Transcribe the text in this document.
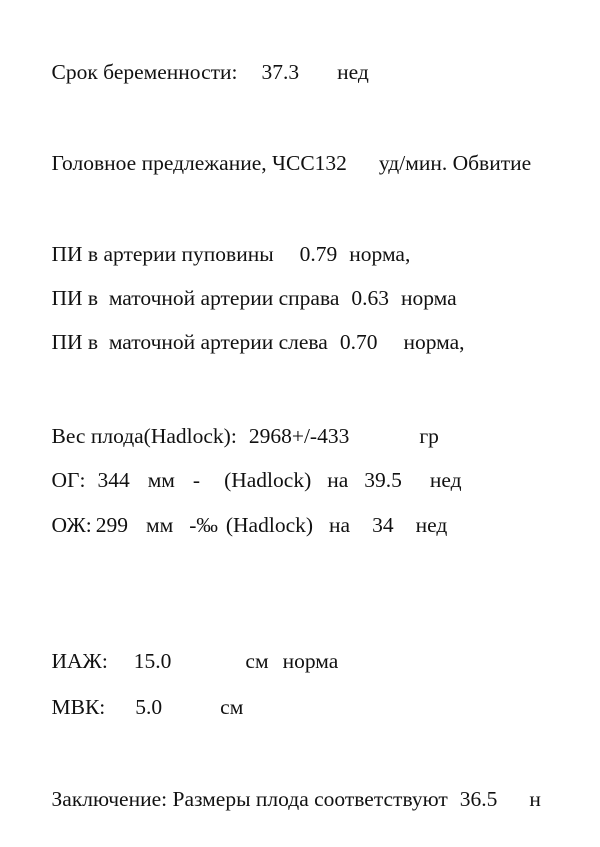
Срок беременности: 37.3 нед

Головное предлежание, ЧСС132 уд/мин. Обвитие

ПИ в артерии пуповины 0.79 норма,

ПИ в  маточной артерии справа 0.63 норма

ПИ в  маточной артерии слева 0.70 норма,

Вес плода(Hadlock): 2968+/-433	гр

ОГ: 344 мм - (Hadlock) на 39.5 нед

ОЖ: 299 мм -‰ (Hadlock) на 34 нед

ИАЖ: 15.0	см норма

МВК: 5.0	см

Заключение: Размеры плода соответствуют 36.5 н
